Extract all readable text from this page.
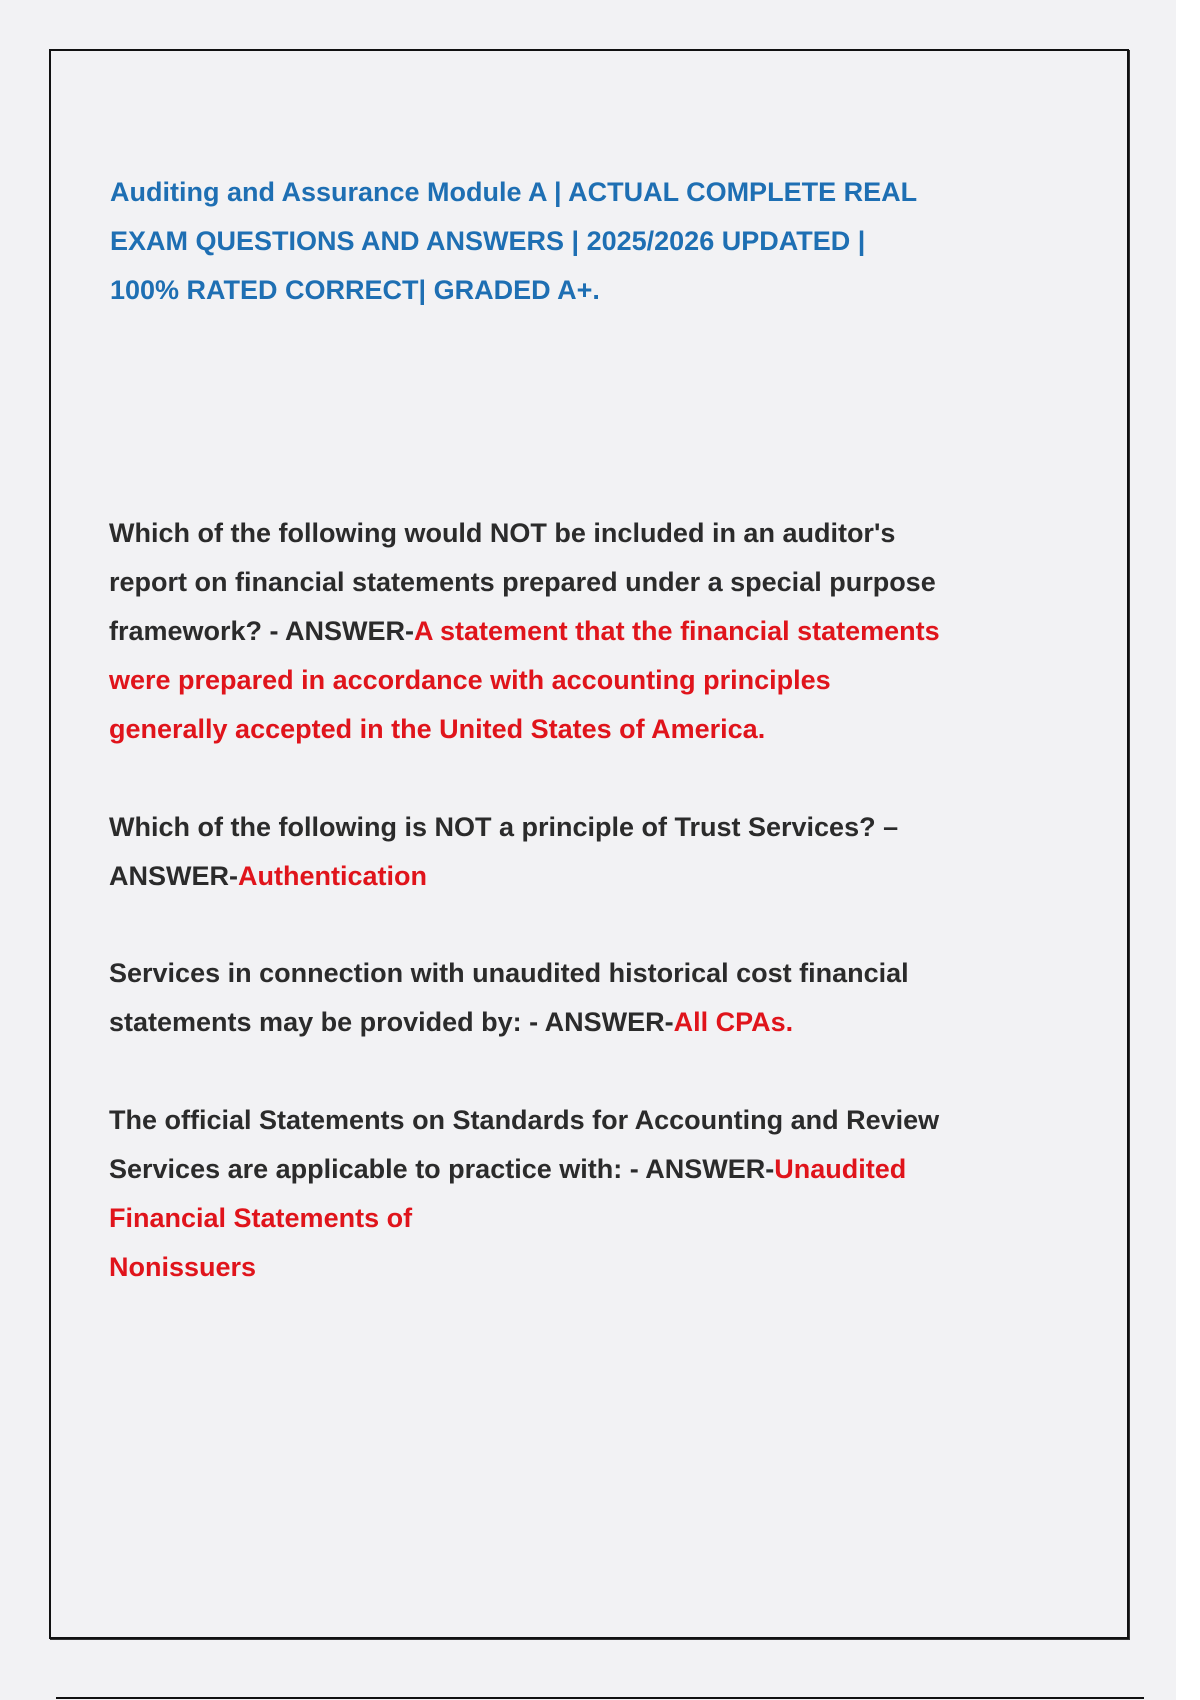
Auditing and Assurance Module A | ACTUAL COMPLETE REAL
EXAM QUESTIONS AND ANSWERS | 2025/2026 UPDATED |
100% RATED CORRECT| GRADED A+.

Which of the following would NOT be included in an auditor's
report on financial statements prepared under a special purpose
framework? - ANSWER-A statement that the financial statements
were prepared in accordance with accounting principles
generally accepted in the United States of America.

Which of the following is NOT a principle of Trust Services? –
ANSWER-Authentication

Services in connection with unaudited historical cost financial
statements may be provided by: - ANSWER-All CPAs.

The official Statements on Standards for Accounting and Review
Services are applicable to practice with: - ANSWER-Unaudited
Financial Statements of
Nonissuers
